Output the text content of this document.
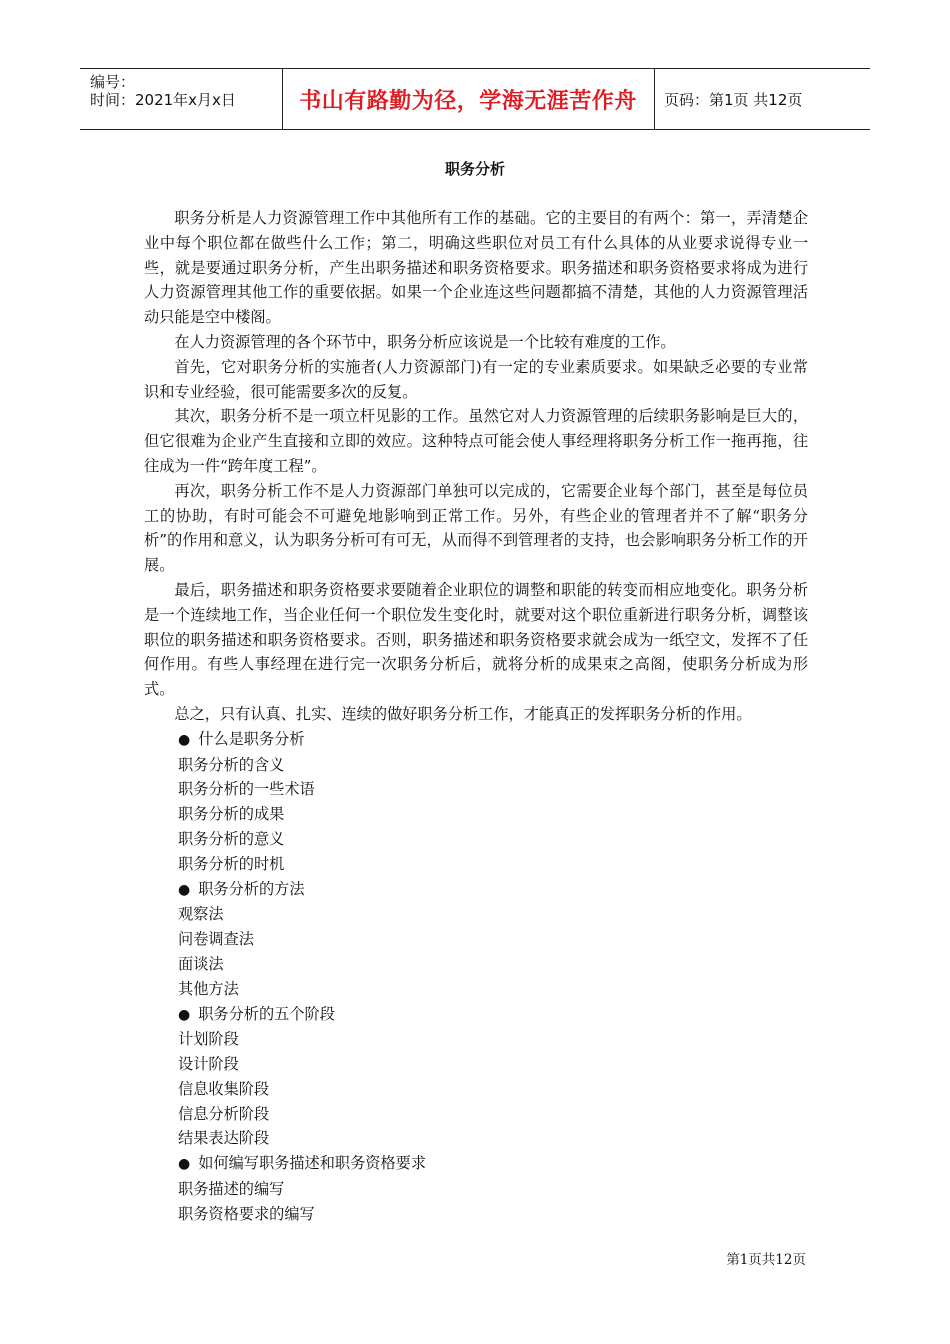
编号：
时间：2021年x月x日	书山有路勤为径，学海无涯苦作舟 页码：第1页 共12页
职务分析

职务分析是人力资源管理工作中其他所有工作的基础。它的主要目的有两个：第一，弄清楚企业中每个职位都在做些什么工作；第二，明确这些职位对员工有什么具体的从业要求说得专业一些，就是要通过职务分析，产生出职务描述和职务资格要求。职务描述和职务资格要求将成为进行人力资源管理其他工作的重要依据。如果一个企业连这些问题都搞不清楚，其他的人力资源管理活动只能是空中楼阁。

在人力资源管理的各个环节中，职务分析应该说是一个比较有难度的工作。

首先，它对职务分析的实施者(人力资源部门)有一定的专业素质要求。如果缺乏必要的专业常识和专业经验，很可能需要多次的反复。

其次，职务分析不是一项立杆见影的工作。虽然它对人力资源管理的后续职务影响是巨大的，但它很难为企业产生直接和立即的效应。这种特点可能会使人事经理将职务分析工作一拖再拖，往往成为一件“跨年度工程”。

再次，职务分析工作不是人力资源部门单独可以完成的，它需要企业每个部门，甚至是每位员工的协助，有时可能会不可避免地影响到正常工作。另外，有些企业的管理者并不了解“职务分析”的作用和意义，认为职务分析可有可无，从而得不到管理者的支持，也会影响职务分析工作的开展。

最后，职务描述和职务资格要求要随着企业职位的调整和职能的转变而相应地变化。职务分析是一个连续地工作，当企业任何一个职位发生变化时，就要对这个职位重新进行职务分析，调整该职位的职务描述和职务资格要求。否则，职务描述和职务资格要求就会成为一纸空文，发挥不了任何作用。有些人事经理在进行完一次职务分析后，就将分析的成果束之高阁，使职务分析成为形式。

总之，只有认真、扎实、连续的做好职务分析工作，才能真正的发挥职务分析的作用。

● 什么是职务分析
职务分析的含义
职务分析的一些术语
职务分析的成果
职务分析的意义
职务分析的时机
● 职务分析的方法
观察法
问卷调查法
面谈法
其他方法
● 职务分析的五个阶段
计划阶段
设计阶段
信息收集阶段
信息分析阶段
结果表达阶段
● 如何编写职务描述和职务资格要求
职务描述的编写
职务资格要求的编写
第1页共12页
